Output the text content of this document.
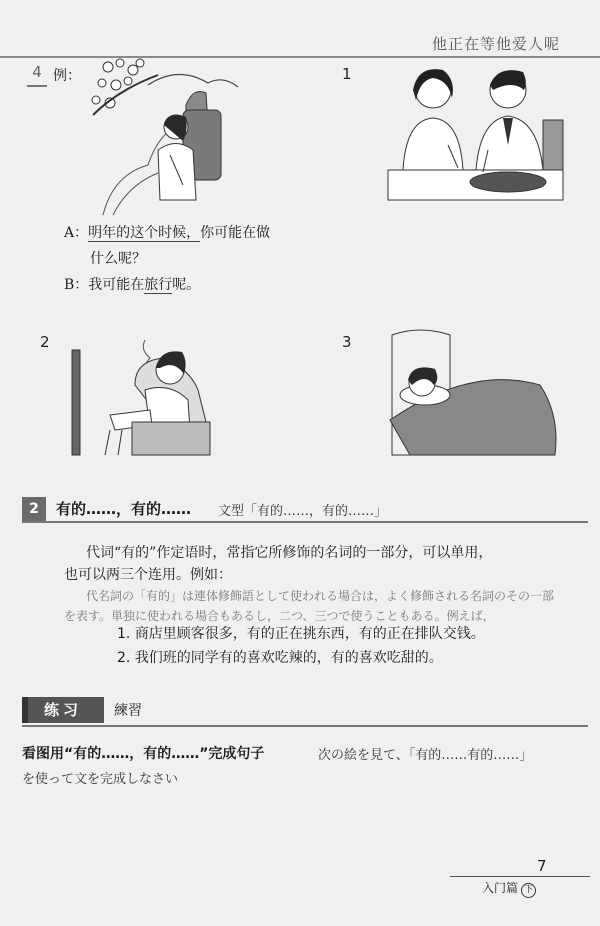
他正在等他爱人呢
4 例：	1
A：明年的这个时候，你可能在做
什么呢？
B：我可能在旅行呢。
2	3
2	有的……，有的…… 文型「有的……，有的……」
代词“有的”作定语时，常指它所修饰的名词的一部分，可以单用，
也可以两三个连用。例如：
代名詞の「有的」は連体修飾語として使われる場合は，よく修飾される名詞のその一部
を表す。単独に使われる場合もあるし，二つ、三つで使うこともある。例えば，
1. 商店里顾客很多，有的正在挑东西，有的正在排队交钱。
2. 我们班的同学有的喜欢吃辣的，有的喜欢吃甜的。
练习	練習
看图用“有的……，有的……”完成句子	次の絵を見て、「有的……有的……」
を使って文を完成しなさい
7
入门篇 下
